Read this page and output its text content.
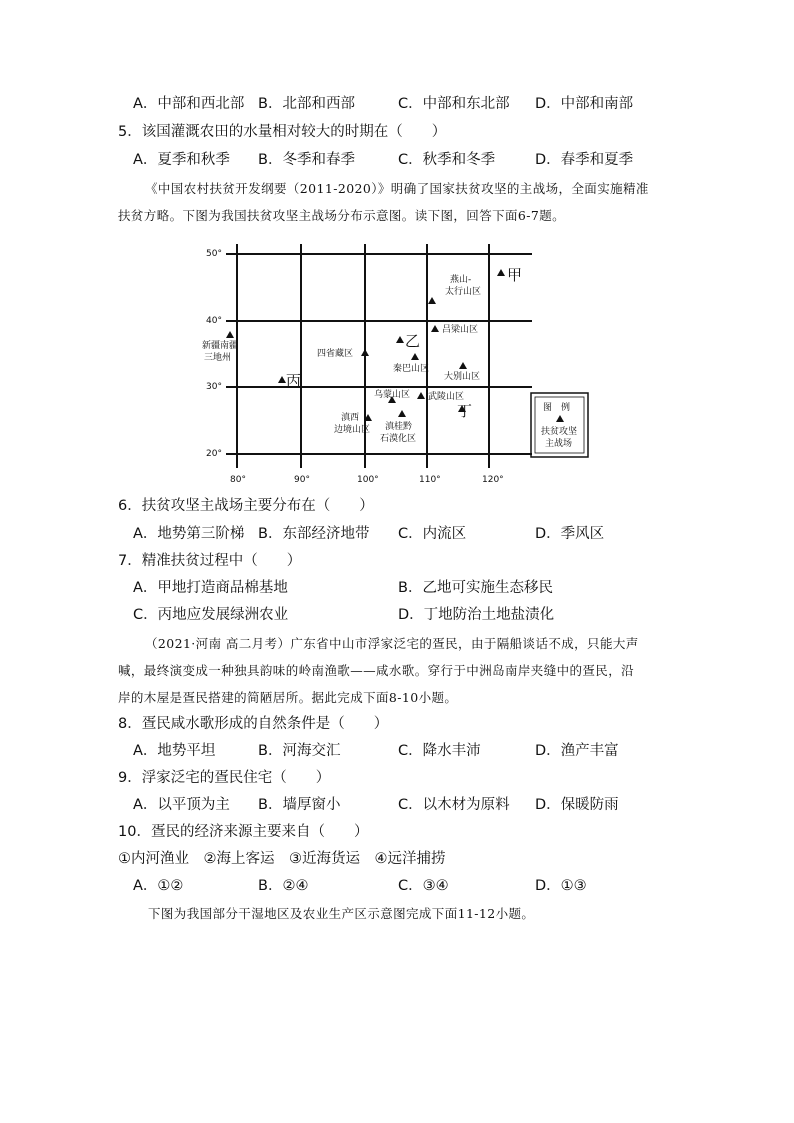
A．中部和西北部 B．北部和西部	C．中部和东北部 D．中部和南部
5．该国灌溉农田的水量相对较大的时期在（　　）
A．夏季和秋季 B．冬季和春季	C．秋季和冬季	D．春季和夏季
《中国农村扶贫开发纲要（2011-2020）》明确了国家扶贫攻坚的主战场，全面实施精准
扶贫方略。下图为我国扶贫攻坚主战场分布示意图。读下图，回答下面6-7题。
50°
40°
30°
20°
80°	90°	100°	110°	120°
燕山-
太行山区
吕梁山区
新疆南疆
三地州	四省藏区
秦巴山区
大别山区
乌蒙山区 武陵山区
滇西
边境山区 滇桂黔
石漠化区
甲
乙
丙
丁	图　例
扶贫攻坚
主战场
6．扶贫攻坚主战场主要分布在（　　）
A．地势第三阶梯 B．东部经济地带 C．内流区	D．季风区
7．精准扶贫过程中（　　）
A．甲地打造商品棉基地	B．乙地可实施生态移民
C．丙地应发展绿洲农业	D．丁地防治土地盐渍化
（2021·河南 高二月考）广东省中山市浮家泛宅的疍民，由于隔船谈话不成，只能大声
喊，最终演变成一种独具韵味的岭南渔歌——咸水歌。穿行于中洲岛南岸夹缝中的疍民，沿
岸的木屋是疍民搭建的简陋居所。据此完成下面8-10小题。
8．疍民咸水歌形成的自然条件是（　　）
A．地势平坦	B．河海交汇	C．降水丰沛	D．渔产丰富
9．浮家泛宅的疍民住宅（　　）
A．以平顶为主 B．墙厚窗小	C．以木材为原料 D．保暖防雨
10．疍民的经济来源主要来自（　　）
①内河渔业　②海上客运　③近海货运　④远洋捕捞
A．①②	B．②④	C．③④	D．①③
下图为我国部分干湿地区及农业生产区示意图完成下面11-12小题。
